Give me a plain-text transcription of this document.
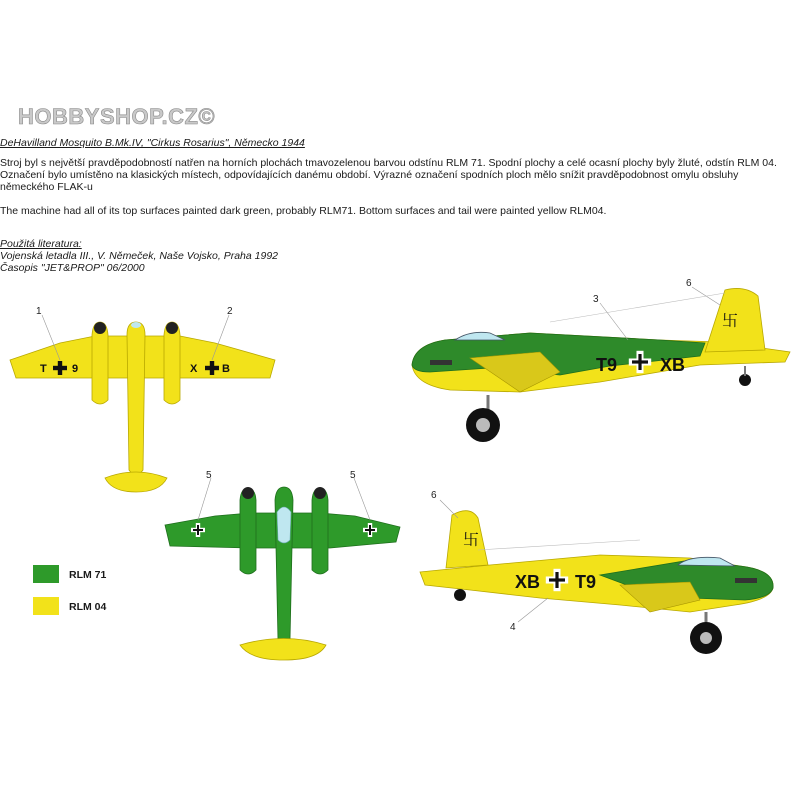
HOBBYSHOP.CZ©
DeHavilland Mosquito B.Mk.IV, "Cirkus Rosarius", Německo 1944
Stroj byl s největší pravděpodobností natřen na horních plochách tmavozelenou barvou odstínu RLM 71. Spodní plochy a celé ocasní plochy byly žluté, odstín RLM 04. Označení bylo umístěno na klasických místech, odpovídajících danému období. Výrazné označení spodních ploch mělo snížit pravděpodobnost omylu obsluhy německého FLAK-u
The machine had all of its top surfaces painted dark green, probably RLM71. Bottom surfaces and tail were painted yellow RLM04.
Použitá literatura:
Vojenská letadla III., V. Němeček, Naše Vojsko, Praha 1992
Časopis "JET&PROP" 06/2000
RLM 71
RLM 04
T 9	X B
1	2
5	5
T9 XB
卐
3
6
XB T9
卐
6
4
